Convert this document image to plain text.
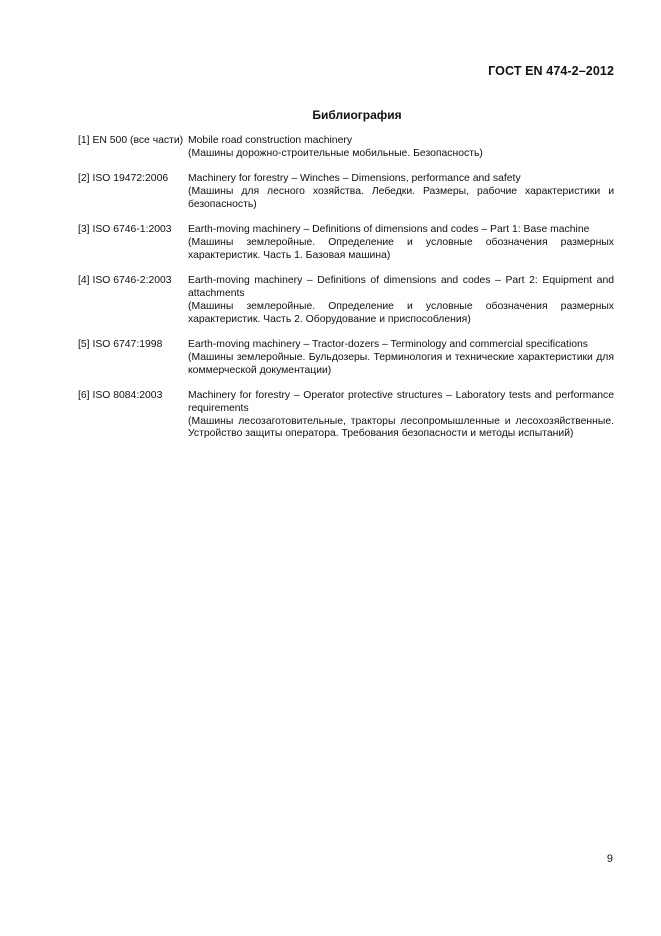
ГОСТ EN 474-2–2012
Библиография
[1] EN 500 (все части) Mobile road construction machinery
(Машины дорожно-строительные мобильные. Безопасность)
[2] ISO 19472:2006	Machinery for forestry – Winches – Dimensions, performance and safety
(Машины для лесного хозяйства. Лебедки. Размеры, рабочие характеристики и безопасность)
[3] ISO 6746-1:2003	Earth-moving machinery – Definitions of dimensions and codes – Part 1: Base machine
(Машины землеройные. Определение и условные обозначения размерных характеристик. Часть 1. Базовая машина)
[4] ISO 6746-2:2003	Earth-moving machinery – Definitions of dimensions and codes – Part 2: Equipment and attachments
(Машины землеройные. Определение и условные обозначения размерных характеристик. Часть 2. Оборудование и приспособления)
[5] ISO 6747:1998	Earth-moving machinery – Tractor-dozers – Terminology and commercial specifications
(Машины землеройные. Бульдозеры. Терминология и технические характеристики для коммерческой документации)
[6] ISO 8084:2003	Machinery for forestry – Operator protective structures – Laboratory tests and performance requirements
(Машины лесозаготовительные, тракторы лесопромышленные и лесохозяйственные. Устройство защиты оператора. Требования безопасности и методы испытаний)
9
